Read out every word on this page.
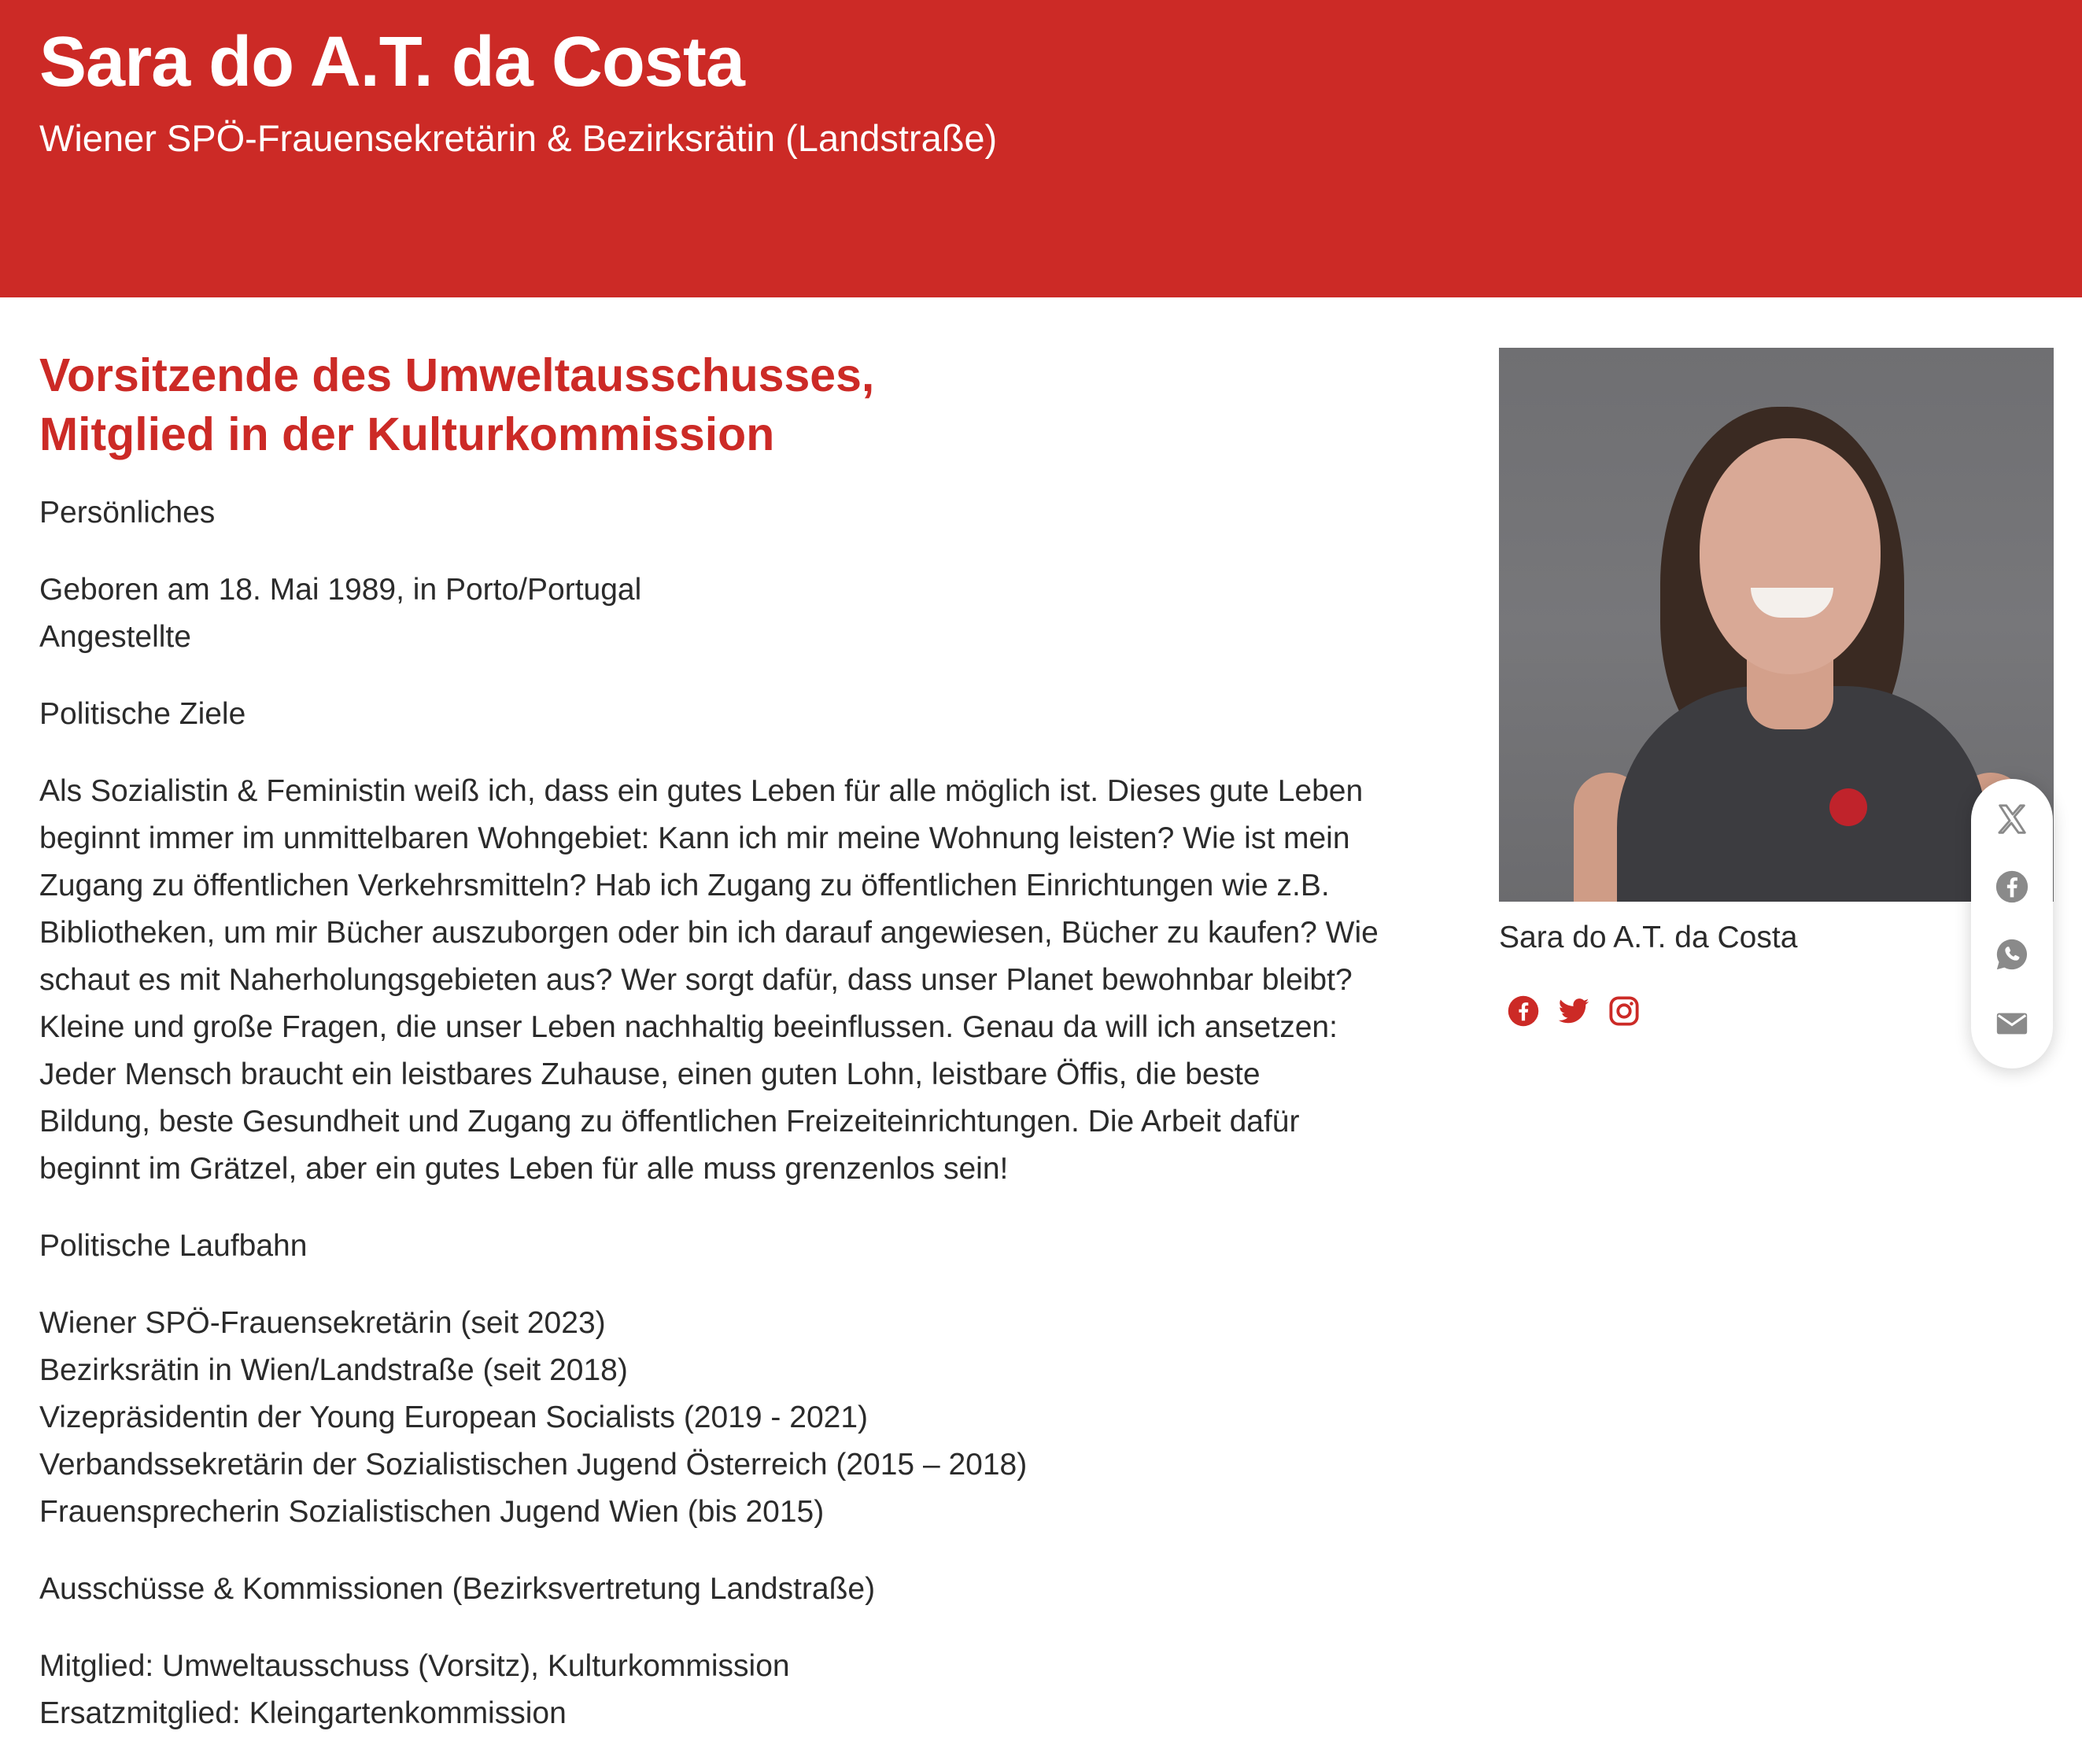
Sara do A.T. da Costa

Wiener SPÖ-Frauensekretärin & Bezirksrätin (Landstraße)

Vorsitzende des Umweltausschusses,
Mitglied in der Kulturkommission
Persönliches
Geboren am 18. Mai 1989, in Porto/Portugal
Angestellte
Politische Ziele
Als Sozialistin & Feministin weiß ich, dass ein gutes Leben für alle möglich ist. Dieses gute Leben
beginnt immer im unmittelbaren Wohngebiet: Kann ich mir meine Wohnung leisten? Wie ist mein
Zugang zu öffentlichen Verkehrsmitteln? Hab ich Zugang zu öffentlichen Einrichtungen wie z.B.
Bibliotheken, um mir Bücher auszuborgen oder bin ich darauf angewiesen, Bücher zu kaufen? Wie
schaut es mit Naherholungsgebieten aus? Wer sorgt dafür, dass unser Planet bewohnbar bleibt?
Kleine und große Fragen, die unser Leben nachhaltig beeinflussen. Genau da will ich ansetzen:
Jeder Mensch braucht ein leistbares Zuhause, einen guten Lohn, leistbare Öffis, die beste
Bildung, beste Gesundheit und Zugang zu öffentlichen Freizeiteinrichtungen. Die Arbeit dafür
beginnt im Grätzel, aber ein gutes Leben für alle muss grenzenlos sein!
Politische Laufbahn
Wiener SPÖ-Frauensekretärin (seit 2023)
Bezirksrätin in Wien/Landstraße (seit 2018)
Vizepräsidentin der Young European Socialists (2019 - 2021)
Verbandssekretärin der Sozialistischen Jugend Österreich (2015 – 2018)
Frauensprecherin Sozialistischen Jugend Wien (bis 2015)
Ausschüsse & Kommissionen (Bezirksvertretung Landstraße)
Mitglied: Umweltausschuss (Vorsitz), Kulturkommission
Ersatzmitglied: Kleingartenkommission
Sara do A.T. da Costa
